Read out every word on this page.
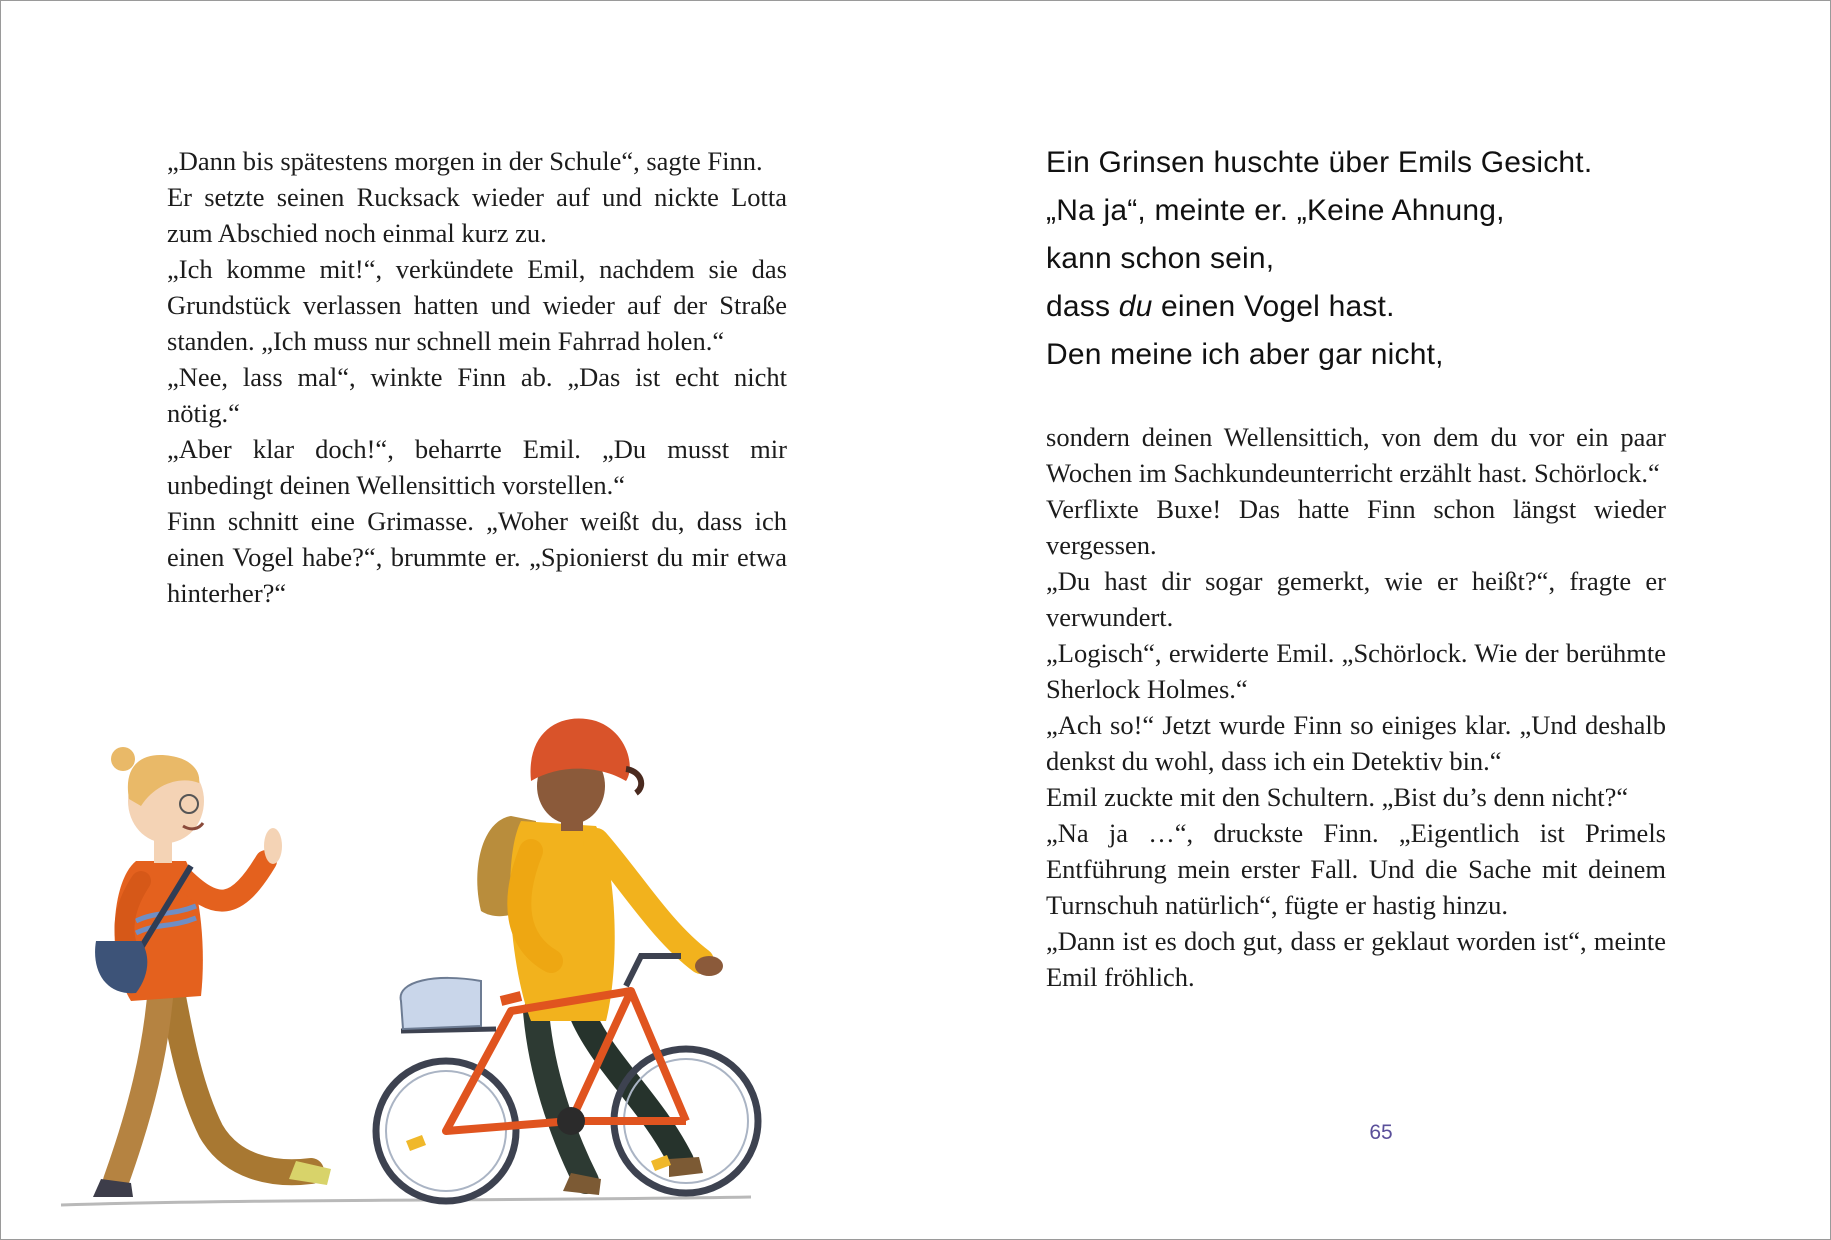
„Dann bis spätestens morgen in der Schule“, sagte Finn.

Er setzte seinen Rucksack wieder auf und nickte Lotta zum Abschied noch einmal kurz zu.

„Ich komme mit!“, verkündete Emil, nachdem sie das Grundstück verlassen hatten und wieder auf der Straße standen. „Ich muss nur schnell mein Fahrrad holen.“

„Nee, lass mal“, winkte Finn ab. „Das ist echt nicht nötig.“

„Aber klar doch!“, beharrte Emil. „Du musst mir unbedingt deinen Wellensittich vorstellen.“

Finn schnitt eine Grimasse. „Woher weißt du, dass ich einen Vogel habe?“, brummte er. „Spionierst du mir etwa hinterher?“

Ein Grinsen huschte über Emils Gesicht.

„Na ja“, meinte er. „Keine Ahnung,

kann schon sein,

dass du einen Vogel hast.

Den meine ich aber gar nicht,

sondern deinen Wellensittich, von dem du vor ein paar Wochen im Sachkundeunterricht erzählt hast. Schörlock.“

Verflixte Buxe! Das hatte Finn schon längst wieder vergessen.

„Du hast dir sogar gemerkt, wie er heißt?“, fragte er verwundert.

„Logisch“, erwiderte Emil. „Schörlock. Wie der berühmte Sherlock Holmes.“

„Ach so!“ Jetzt wurde Finn so einiges klar. „Und deshalb denkst du wohl, dass ich ein Detektiv bin.“

Emil zuckte mit den Schultern. „Bist du’s denn nicht?“

„Na ja …“, druckste Finn. „Eigentlich ist Primels Entführung mein erster Fall. Und die Sache mit deinem Turnschuh natürlich“, fügte er hastig hinzu.

„Dann ist es doch gut, dass er geklaut worden ist“, meinte Emil fröhlich.

65
